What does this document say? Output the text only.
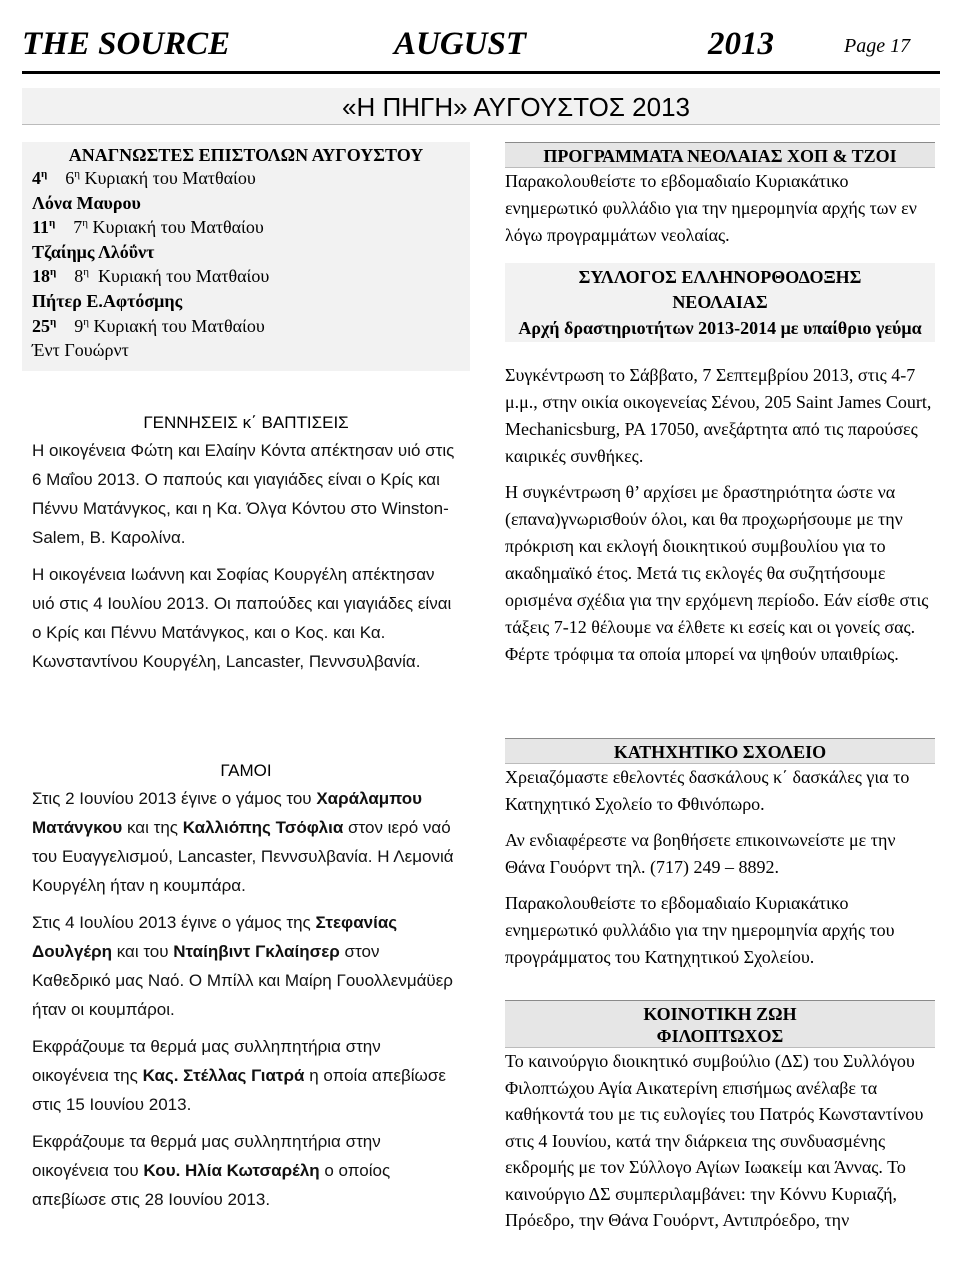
THE SOURCE	AUGUST	2013	Page 17
«Η ΠΗΓΗ» ΑΥΓΟΥΣΤΟΣ 2013
ΑΝΑΓΝΩΣΤΕΣ ΕΠΙΣΤΟΛΩΝ ΑΥΓΟΥΣΤΟΥ
$4^\eta$ $6^\eta$ Κυριακή του Ματθαίου
Λόνα Μαυρου
$11^\eta$ $7^\eta$ Κυριακή του Ματθαίου
Τζαίημς Λλόΰντ
$18^\eta$ $8^\eta$ Κυριακή του Ματθαίου
Πήτερ Ε.Αφτόσμης
$25^\eta$ $9^\eta$ Κυριακή του Ματθαίου
Έντ Γουώρντ
ΓΕΝΝΗΣΕΙΣ κ΄ ΒΑΠΤΙΣΕΙΣ
Η οικογένεια Φώτη και Ελαίην Κόντα απέκτησαν υιό στις 6 Μαΐου 2013. Ο παπούς και γιαγιάδες είναι ο Κρίς και Πέννυ Ματάνγκος, και η Κα. Όλγα Κόντου στο Winston-Salem, Β. Καρολίνα.
Η οικογένεια Ιωάννη και Σοφίας Κουργέλη απέκτησαν υιό στις 4 Ιουλίου 2013. Οι παπούδες και γιαγιάδες είναι ο Κρίς και Πέννυ Ματάνγκος, και ο Κος. και Κα. Κωνσταντίνου Κουργέλη, Lancaster, Πεννσυλβανία.
ΓΑΜΟΙ
Στις 2 Ιουνίου 2013 έγινε ο γάμος του Χαράλαμπου Ματάνγκου και της Καλλιόπης Τσόφλια στον ιερό ναό του Ευαγγελισμού, Lancaster, Πεννσυλβανία. Η Λεμονιά Κουργέλη ήταν η κουμπάρα.
Στις 4 Ιουλίου 2013 έγινε ο γάμος της Στεφανίας Δουλγέρη και του Νταίηβιντ Γκλαίησερ στον Καθεδρικό μας Ναό. Ο Μπίλλ και Μαίρη Γουολλενμάϋερ ήταν οι κουμπάροι.
Εκφράζουμε τα θερμά μας συλληπητήρια στην οικογένεια της Κας. Στέλλας Γιατρά η οποία απεβίωσε στις 15 Ιουνίου 2013.
Εκφράζουμε τα θερμά μας συλληπητήρια στην οικογένεια του Κου. Ηλία Κωτσαρέλη ο οποίος απεβίωσε στις 28 Ιουνίου 2013.
ΠΡΟΓΡΑΜΜΑΤΑ ΝΕΟΛΑΙΑΣ ΧΟΠ & ΤΖΟΙ
Παρακολουθείστε το εβδομαδιαίο Κυριακάτικο ενημερωτικό φυλλάδιο για την ημερομηνία αρχής των εν λόγω προγραμμάτων νεολαίας.
ΣΥΛΛΟΓΟΣ ΕΛΛΗΝΟΡΘΟΔΟΞΗΣ
ΝΕΟΛΑΙΑΣ
Αρχή δραστηριοτήτων 2013-2014 με υπαίθριο γεύμα
Συγκέντρωση το Σάββατο, 7 Σεπτεμβρίου 2013, στις 4-7 μ.μ., στην οικία οικογενείας Σένου, 205 Saint James Court, Mechanicsburg, PA 17050, ανεξάρτητα από τις παρούσες καιρικές συνθήκες.
Η συγκέντρωση θ’ αρχίσει με δραστηριότητα ώστε να (επανα)γνωρισθούν όλοι, και θα προχωρήσουμε με την πρόκριση και εκλογή διοικητικού συμβουλίου για το ακαδημαϊκό έτος. Μετά τις εκλογές θα συζητήσουμε ορισμένα σχέδια για την ερχόμενη περίοδο. Εάν είσθε στις τάξεις 7-12 θέλουμε να έλθετε κι εσείς και οι γονείς σας. Φέρτε τρόφιμα τα οποία μπορεί να ψηθούν υπαιθρίως.
ΚΑΤΗΧΗΤΙΚΟ ΣΧΟΛΕΙΟ
Χρειαζόμαστε εθελοντές δασκάλους κ΄ δασκάλες για το Κατηχητικό Σχολείο το Φθινόπωρο.
Αν ενδιαφέρεστε να βοηθήσετε επικοινωνείστε με την Θάνα Γουόρντ τηλ. (717) 249 – 8892.
Παρακολουθείστε το εβδομαδιαίο Κυριακάτικο ενημερωτικό φυλλάδιο για την ημερομηνία αρχής του προγράμματος του Κατηχητικού Σχολείου.
ΚΟΙΝΟΤΙΚΗ ΖΩΗ
ΦΙΛΟΠΤΩΧΟΣ
Το καινούργιο διοικητικό συμβούλιο (ΔΣ) του Συλλόγου Φιλοπτώχου Αγία Αικατερίνη επισήμως ανέλαβε τα καθήκοντά του με τις ευλογίες του Πατρός Κωνσταντίνου στις 4 Ιουνίου, κατά την διάρκεια της συνδυασμένης εκδρομής με τον Σύλλογο Αγίων Ιωακείμ και Άννας. Το καινούργιο ΔΣ συμπεριλαμβάνει: την Κόννυ Κυριαζή, Πρόεδρο, την Θάνα Γουόρντ, Αντιπρόεδρο, την
